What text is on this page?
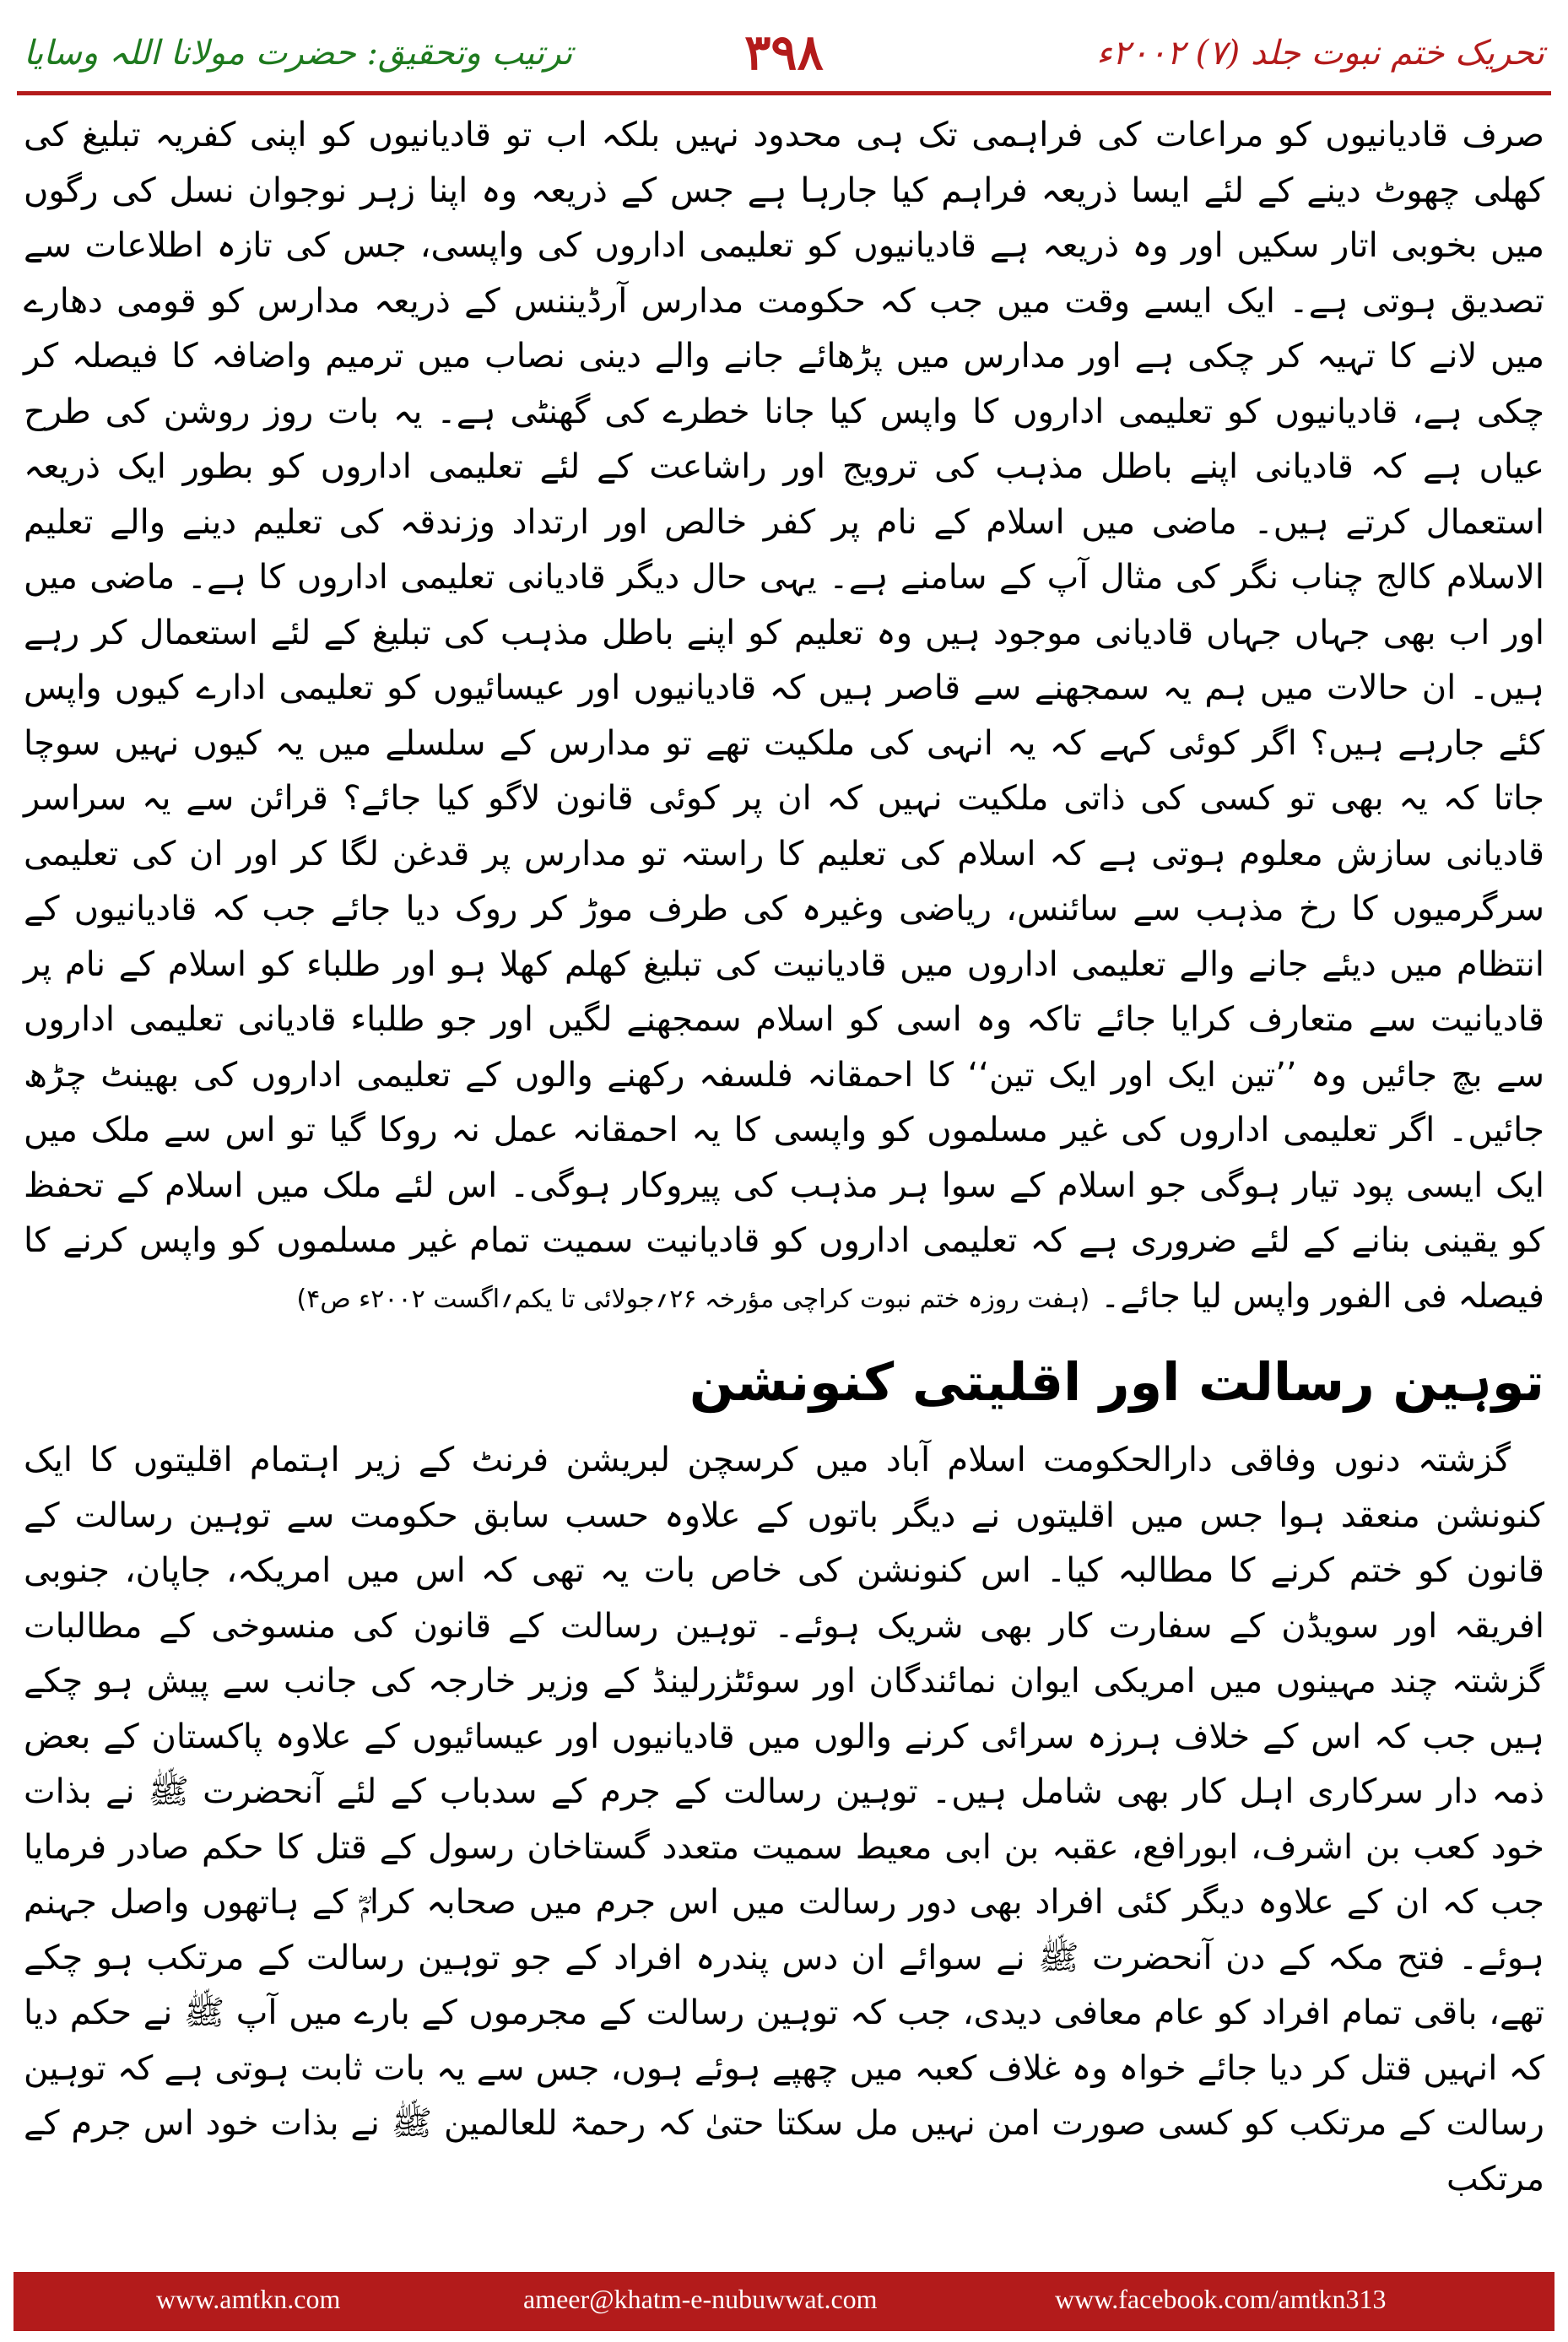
ترتیب وتحقیق: حضرت مولانا اللہ وسایا	۳۹۸	تحریک ختم نبوت جلد (۷) ۲۰۰۲ء

صرف قادیانیوں کو مراعات کی فراہمی تک ہی محدود نہیں بلکہ اب تو قادیانیوں کو اپنی کفریہ تبلیغ کی کھلی چھوٹ دینے کے لئے ایسا ذریعہ فراہم کیا جارہا ہے جس کے ذریعہ وہ اپنا زہر نوجوان نسل کی رگوں میں بخوبی اتار سکیں اور وہ ذریعہ ہے قادیانیوں کو تعلیمی اداروں کی واپسی، جس کی تازہ اطلاعات سے تصدیق ہوتی ہے۔ ایک ایسے وقت میں جب کہ حکومت مدارس آرڈیننس کے ذریعہ مدارس کو قومی دھارے میں لانے کا تہیہ کر چکی ہے اور مدارس میں پڑھائے جانے والے دینی نصاب میں ترمیم واضافہ کا فیصلہ کر چکی ہے، قادیانیوں کو تعلیمی اداروں کا واپس کیا جانا خطرے کی گھنٹی ہے۔ یہ بات روز روشن کی طرح عیاں ہے کہ قادیانی اپنے باطل مذہب کی ترویج اور راشاعت کے لئے تعلیمی اداروں کو بطور ایک ذریعہ استعمال کرتے ہیں۔ ماضی میں اسلام کے نام پر کفر خالص اور ارتداد وزندقہ کی تعلیم دینے والے تعلیم الاسلام کالج چناب نگر کی مثال آپ کے سامنے ہے۔ یہی حال دیگر قادیانی تعلیمی اداروں کا ہے۔ ماضی میں اور اب بھی جہاں جہاں قادیانی موجود ہیں وہ تعلیم کو اپنے باطل مذہب کی تبلیغ کے لئے استعمال کر رہے ہیں۔ ان حالات میں ہم یہ سمجھنے سے قاصر ہیں کہ قادیانیوں اور عیسائیوں کو تعلیمی ادارے کیوں واپس کئے جارہے ہیں؟ اگر کوئی کہے کہ یہ انہی کی ملکیت تھے تو مدارس کے سلسلے میں یہ کیوں نہیں سوچا جاتا کہ یہ بھی تو کسی کی ذاتی ملکیت نہیں کہ ان پر کوئی قانون لاگو کیا جائے؟ قرائن سے یہ سراسر قادیانی سازش معلوم ہوتی ہے کہ اسلام کی تعلیم کا راستہ تو مدارس پر قدغن لگا کر اور ان کی تعلیمی سرگرمیوں کا رخ مذہب سے سائنس، ریاضی وغیرہ کی طرف موڑ کر روک دیا جائے جب کہ قادیانیوں کے انتظام میں دیئے جانے والے تعلیمی اداروں میں قادیانیت کی تبلیغ کھلم کھلا ہو اور طلباء کو اسلام کے نام پر قادیانیت سے متعارف کرایا جائے تاکہ وہ اسی کو اسلام سمجھنے لگیں اور جو طلباء قادیانی تعلیمی اداروں سے بچ جائیں وہ ’’تین ایک اور ایک تین‘‘ کا احمقانہ فلسفہ رکھنے والوں کے تعلیمی اداروں کی بھینٹ چڑھ جائیں۔ اگر تعلیمی اداروں کی غیر مسلموں کو واپسی کا یہ احمقانہ عمل نہ روکا گیا تو اس سے ملک میں ایک ایسی پود تیار ہوگی جو اسلام کے سوا ہر مذہب کی پیروکار ہوگی۔ اس لئے ملک میں اسلام کے تحفظ کو یقینی بنانے کے لئے ضروری ہے کہ تعلیمی اداروں کو قادیانیت سمیت تمام غیر مسلموں کو واپس کرنے کا فیصلہ فی الفور واپس لیا جائے۔ (ہفت روزہ ختم نبوت کراچی مؤرخہ ۲۶؍جولائی تا یکم؍اگست ۲۰۰۲ء ص۴)

توہین رسالت اور اقلیتی کنونشن

گزشتہ دنوں وفاقی دارالحکومت اسلام آباد میں کرسچن لبریشن فرنٹ کے زیر اہتمام اقلیتوں کا ایک کنونشن منعقد ہوا جس میں اقلیتوں نے دیگر باتوں کے علاوہ حسب سابق حکومت سے توہین رسالت کے قانون کو ختم کرنے کا مطالبہ کیا۔ اس کنونشن کی خاص بات یہ تھی کہ اس میں امریکہ، جاپان، جنوبی افریقہ اور سویڈن کے سفارت کار بھی شریک ہوئے۔ توہین رسالت کے قانون کی منسوخی کے مطالبات گزشتہ چند مہینوں میں امریکی ایوان نمائندگان اور سوئٹزرلینڈ کے وزیر خارجہ کی جانب سے پیش ہو چکے ہیں جب کہ اس کے خلاف ہرزہ سرائی کرنے والوں میں قادیانیوں اور عیسائیوں کے علاوہ پاکستان کے بعض ذمہ دار سرکاری اہل کار بھی شامل ہیں۔ توہین رسالت کے جرم کے سدباب کے لئے آنحضرت ﷺ نے بذات خود کعب بن اشرف، ابورافع، عقبہ بن ابی معیط سمیت متعدد گستاخان رسول کے قتل کا حکم صادر فرمایا جب کہ ان کے علاوہ دیگر کئی افراد بھی دور رسالت میں اس جرم میں صحابہ کرامؓ کے ہاتھوں واصل جہنم ہوئے۔ فتح مکہ کے دن آنحضرت ﷺ نے سوائے ان دس پندرہ افراد کے جو توہین رسالت کے مرتکب ہو چکے تھے، باقی تمام افراد کو عام معافی دیدی، جب کہ توہین رسالت کے مجرموں کے بارے میں آپ ﷺ نے حکم دیا کہ انہیں قتل کر دیا جائے خواہ وہ غلاف کعبہ میں چھپے ہوئے ہوں، جس سے یہ بات ثابت ہوتی ہے کہ توہین رسالت کے مرتکب کو کسی صورت امن نہیں مل سکتا حتیٰ کہ رحمۃ للعالمین ﷺ نے بذات خود اس جرم کے مرتکب

www.amtkn.com	ameer@khatm-e-nubuwwat.com	www.facebook.com/amtkn313
